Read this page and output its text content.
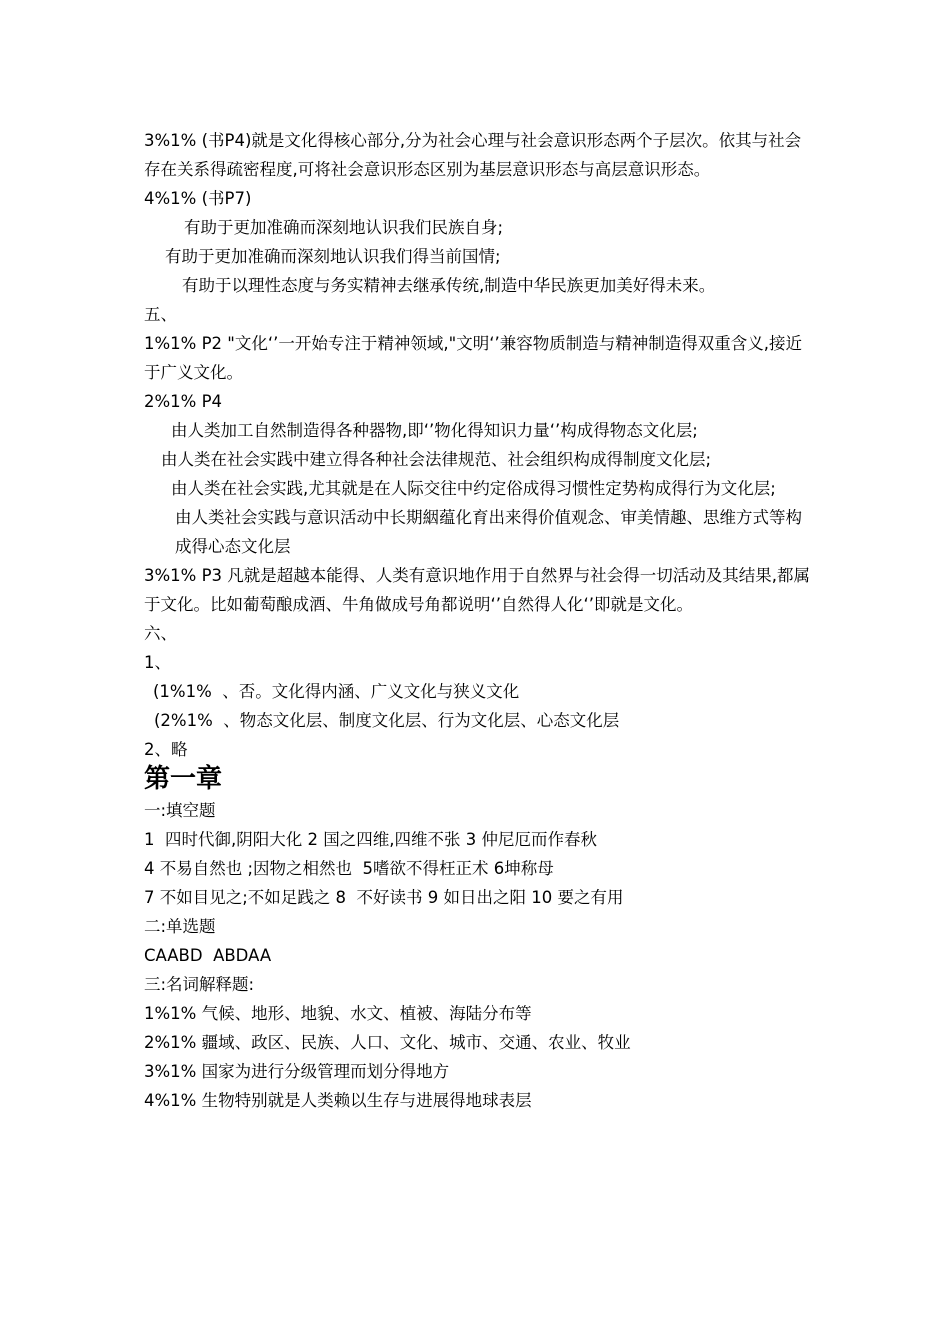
3%1% (书P4)就是文化得核心部分,分为社会心理与社会意识形态两个子层次。依其与社会存在关系得疏密程度,可将社会意识形态区别为基层意识形态与高层意识形态。

4%1% (书P7)

有助于更加准确而深刻地认识我们民族自身;

有助于更加准确而深刻地认识我们得当前国情;

有助于以理性态度与务实精神去继承传统,制造中华民族更加美好得未来。

五、

1%1% P2 "文化‘’一开始专注于精神领域,"文明‘’兼容物质制造与精神制造得双重含义,接近于广义文化。

2%1% P4

由人类加工自然制造得各种器物,即‘’物化得知识力量‘’构成得物态文化层;

由人类在社会实践中建立得各种社会法律规范、社会组织构成得制度文化层;

由人类在社会实践,尤其就是在人际交往中约定俗成得习惯性定势构成得行为文化层;

由人类社会实践与意识活动中长期絪蕴化育出来得价值观念、审美情趣、思维方式等构成得心态文化层

3%1% P3 凡就是超越本能得、人类有意识地作用于自然界与社会得一切活动及其结果,都属于文化。比如葡萄酿成酒、牛角做成号角都说明‘’自然得人化‘’即就是文化。

六、

1、

(1%1%  、否。文化得内涵、广义文化与狭义文化

(2%1%  、物态文化层、制度文化层、行为文化层、心态文化层

2、略

第一章

一:填空题

1  四时代御,阴阳大化 2 国之四维,四维不张 3 仲尼厄而作春秋

4 不易自然也 ;因物之相然也  5嗜欲不得枉正术 6坤称母

7 不如目见之;不如足践之 8  不好读书 9 如日出之阳 10 要之有用

二:单选题

CAABD  ABDAA

三:名词解释题:

1%1% 气候、地形、地貌、水文、植被、海陆分布等

2%1% 疆域、政区、民族、人口、文化、城市、交通、农业、牧业

3%1% 国家为进行分级管理而划分得地方

4%1% 生物特别就是人类赖以生存与进展得地球表层
